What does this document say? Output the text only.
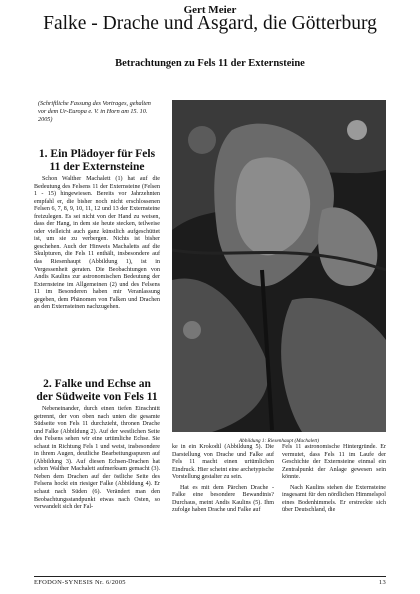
Gert Meier
Falke - Drache und Asgard, die Götterburg
Betrachtungen zu Fels 11 der Externsteine
(Schriftliche Fassung des Vortrages, gehalten vor dem Ur-Europa e. V. in Horn am 15. 10. 2005)
1. Ein Plädoyer für Fels 11 der Externsteine

Schon Walther Machalett (1) hat auf die Bedeutung des Felsens 11 der Externsteine (Felsen 1 - 15) hingewiesen. Bereits vor Jahrzehnten empfahl er, die bisher noch nicht erschlossenen Felsen 6, 7, 8, 9, 10, 11, 12 und 13 der Externsteine freizulegen. Es sei nicht von der Hand zu weisen, dass der Hang, in dem sie heute stecken, teilweise oder vielleicht auch ganz künstlich aufgeschüttet ist, um sie zu verbergen. Nichts ist bisher geschehen. Auch der Hinweis Machaletts auf die Skulpturen, die Fels 11 enthält, insbesondere auf das Riesenhaupt (Abbildung 1), ist in Vergessenheit geraten. Die Beobachtungen von Andis Kaulins zur astronomischen Bedeutung der Externsteine im Allgemeinen (2) und des Felsens 11 im Besonderen haben mir Veranlassung gegeben, dem Phänomen von Falken und Drachen an den Externsteinen nachzugehen.

2. Falke und Echse an der Südweite von Fels 11

Nebeneinander, durch einen tiefen Einschnitt getrennt, der von oben nach unten die gesamte Südseite von Fels 11 durchzieht, thronen Drache und Falke (Abbildung 2). Auf der westlichen Seite des Felsens sehen wir eine urtümliche Echse. Sie schaut in Richtung Fels 1 und weist, insbesondere in ihrem Augen, deutliche Bearbeitungsspuren auf (Abbildung 3). Auf diesen Echsen-Drachen hat schon Walther Machalett aufmerksam gemacht (3). Neben dem Drachen auf der östliche Seite des Felsens hockt ein riesiger Falke (Abbildung 4). Er schaut nach Süden (6). Verändert man den Beobachtungsstandpunkt etwas nach Osten, so verwandelt sich der Fal-

Abbildung 1: Riesenhaupt (Machalett)

ke in ein Krokodil (Abbildung 5). Die Darstellung von Drache und Falke auf Fels 11 macht einen urtümlichen Eindruck. Hier scheint eine archetypische Vorstellung gestalter zu sein.

Hat es mit dem Pärchen Drache - Falke eine besondere Bewandtnis? Durchaus, meint Andis Kaulins (5). Ihm zufolge haben Drache und Falke auf

Fels 11 astronomische Hintergründe. Er vermutet, dass Fels 11 im Laufe der Geschichte der Externsteine einmal ein Zentralpunkt der Anlage gewesen sein könnte.

Nach Kaulins stehen die Externsteine insgesamt für den nördlichen Himmelspol eines Bodenhimmels. Er erstreckte sich über Deutschland, die

EFODON-SYNESIS Nr. 6/2005	13
